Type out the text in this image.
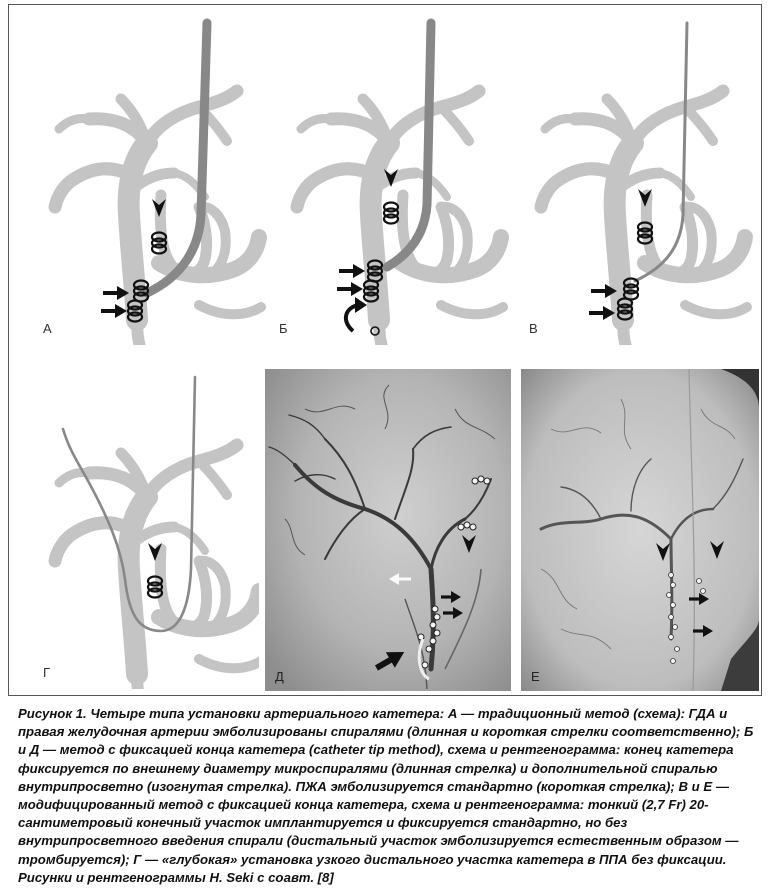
А	Б	В
Г	Д	Е
Рисунок 1. Четыре типа установки артериального катетера: А — традиционный метод (схема): ГДА и правая желудочная артерии эмболизированы спиралями (длинная и короткая стрелки соответственно); Б и Д — метод с фиксацией конца катетера (catheter tip method), схема и рентгенограмма: конец катетера фиксируется по внешнему диаметру микроспиралями (длинная стрелка) и дополнительной спиралью внутрипросветно (изогнутая стрелка). ПЖА эмболизируется стандартно (короткая стрелка); В и Е — модифицированный метод с фиксацией конца катетера, схема и рентгенограмма: тонкий (2,7 Fr) 20-сантиметровый конечный участок имплантируется и фиксируется стандартно, но без внутрипросветного введения спирали (дистальный участок эмболизируется естественным образом — тромбируется); Г — «глубокая» установка узкого дистального участка катетера в ППА без фиксации. Рисунки и рентгенограммы H. Seki с соавт. [8]
